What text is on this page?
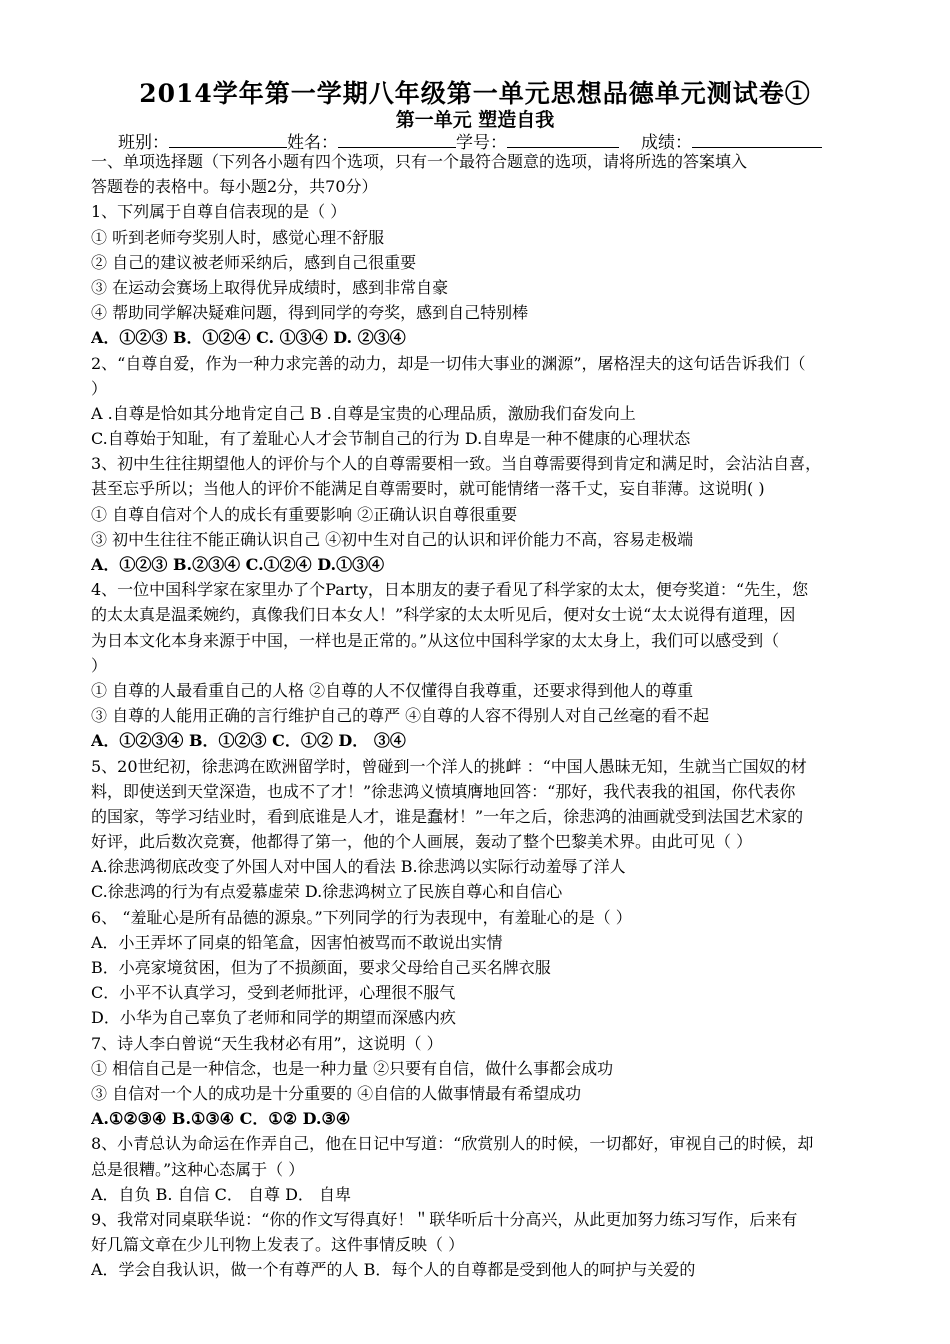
2014学年第一学期八年级第一单元思想品德单元测试卷①
第一单元 塑造自我
班别：	姓名：	学号：	成绩：
一、单项选择题（下列各小题有四个选项，只有一个最符合题意的选项，请将所选的答案填入
答题卷的表格中。每小题2分，共70分）
1、下列属于自尊自信表现的是（ ）
① 听到老师夸奖别人时，感觉心理不舒服
② 自己的建议被老师采纳后，感到自己很重要
③ 在运动会赛场上取得优异成绩时，感到非常自豪
④ 帮助同学解决疑难问题，得到同学的夸奖，感到自己特别棒
A．①②③ B．①②④ C. ①③④ D. ②③④
2、“自尊自爱，作为一种力求完善的动力，却是一切伟大事业的渊源”，屠格涅夫的这句话告诉我们（
）
A .自尊是恰如其分地肯定自己 B .自尊是宝贵的心理品质，激励我们奋发向上
C.自尊始于知耻，有了羞耻心人才会节制自己的行为 D.自卑是一种不健康的心理状态
3、初中生往往期望他人的评价与个人的自尊需要相一致。当自尊需要得到肯定和满足时，会沾沾自喜，
甚至忘乎所以；当他人的评价不能满足自尊需要时，就可能情绪一落千丈，妄自菲薄。这说明( )
① 自尊自信对个人的成长有重要影响 ②正确认识自尊很重要
③ 初中生往往不能正确认识自己 ④初中生对自己的认识和评价能力不高，容易走极端
A．①②③ B.②③④ C.①②④ D.①③④
4、一位中国科学家在家里办了个Party，日本朋友的妻子看见了科学家的太太，便夸奖道：“先生，您
的太太真是温柔婉约，真像我们日本女人！”科学家的太太听见后，便对女士说“太太说得有道理，因
为日本文化本身来源于中国，一样也是正常的。”从这位中国科学家的太太身上，我们可以感受到（
）
① 自尊的人最看重自己的人格 ②自尊的人不仅懂得自我尊重，还要求得到他人的尊重
③ 自尊的人能用正确的言行维护自己的尊严 ④自尊的人容不得别人对自己丝毫的看不起
A．①②③④ B．①②③ C．①② D． ③④
5、20世纪初，徐悲鸿在欧洲留学时，曾碰到一个洋人的挑衅 ：“中国人愚昧无知，生就当亡国奴的材
料，即使送到天堂深造，也成不了才！”徐悲鸿义愤填膺地回答：“那好，我代表我的祖国，你代表你
的国家，等学习结业时，看到底谁是人才，谁是蠢材！”一年之后，徐悲鸿的油画就受到法国艺术家的
好评，此后数次竞赛，他都得了第一，他的个人画展，轰动了整个巴黎美术界。由此可见（ ）
A.徐悲鸿彻底改变了外国人对中国人的看法 B.徐悲鸿以实际行动羞辱了洋人
C.徐悲鸿的行为有点爱慕虚荣 D.徐悲鸿树立了民族自尊心和自信心
6、 “羞耻心是所有品德的源泉。”下列同学的行为表现中，有羞耻心的是（ ）
A．小王弄坏了同桌的铅笔盒，因害怕被骂而不敢说出实情
B．小亮家境贫困，但为了不损颜面，要求父母给自己买名牌衣服
C．小平不认真学习，受到老师批评，心理很不服气
D．小华为自己辜负了老师和同学的期望而深感内疚
7、诗人李白曾说“天生我材必有用”，这说明（ ）
① 相信自己是一种信念，也是一种力量 ②只要有自信，做什么事都会成功
③ 自信对一个人的成功是十分重要的 ④自信的人做事情最有希望成功
A.①②③④ B.①③④ C．①② D.③④
8、小青总认为命运在作弄自己，他在日记中写道：“欣赏别人的时候，一切都好，审视自己的时候，却
总是很糟。”这种心态属于（ ）
A．自负 B. 自信 C． 自尊 D． 自卑
9、我常对同桌联华说：“你的作文写得真好！＂联华听后十分高兴，从此更加努力练习写作，后来有
好几篇文章在少儿刊物上发表了。这件事情反映（ ）
A．学会自我认识，做一个有尊严的人 B．每个人的自尊都是受到他人的呵护与关爱的
